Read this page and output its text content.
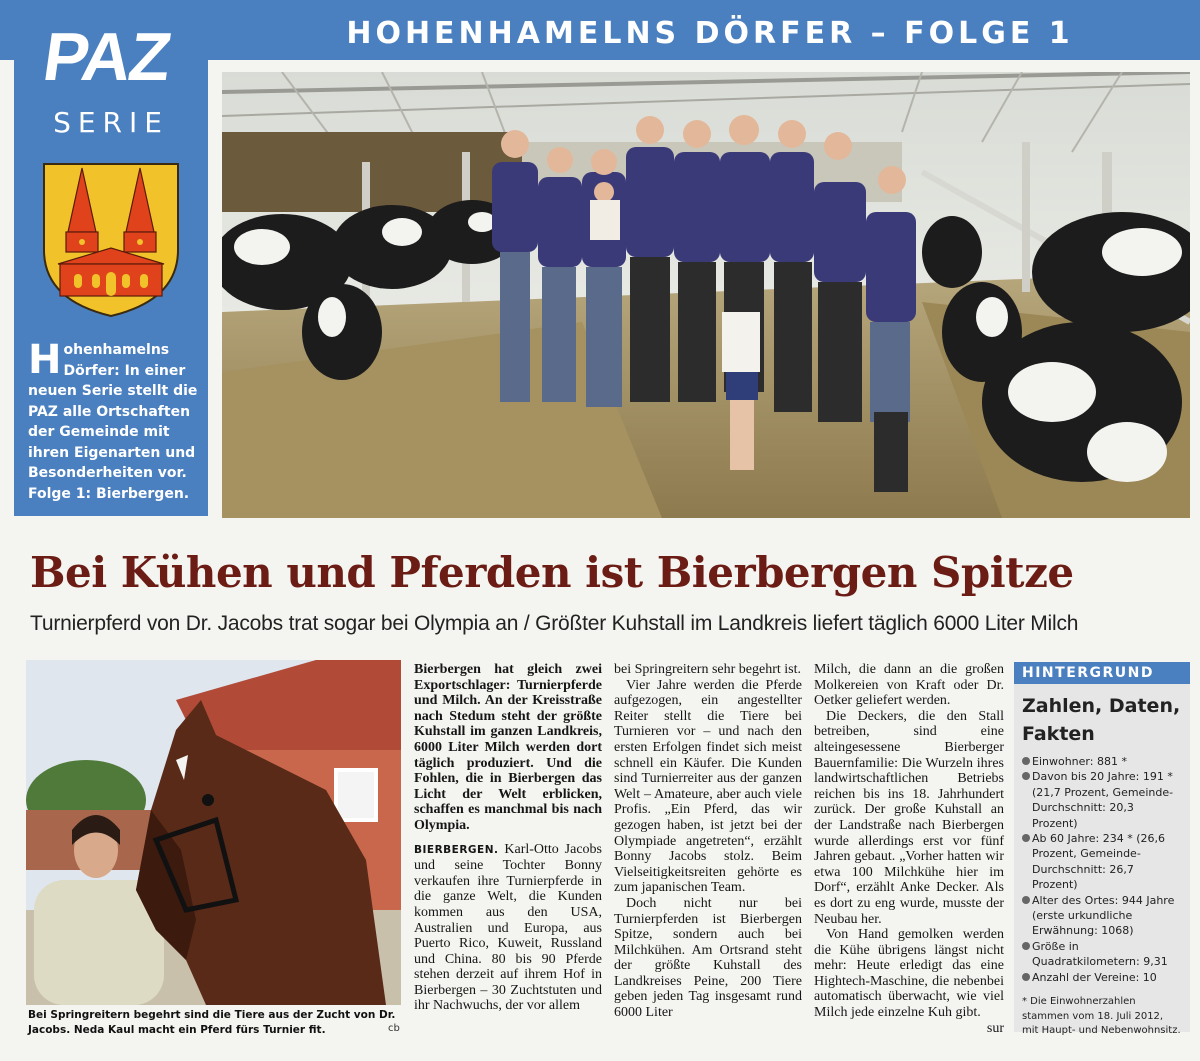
HOHENHAMELNS DÖRFER – FOLGE 1
PAZ
SERIE
Hohenhamelns Dörfer: In einer neuen Serie stellt die PAZ alle Ortschaften der Gemeinde mit ihren Eigenarten und Besonderheiten vor. Folge 1: Bierbergen.
Bei Kühen und Pferden ist Bierbergen Spitze
Turnierpferd von Dr. Jacobs trat sogar bei Olympia an / Größter Kuhstall im Landkreis liefert täglich 6000 Liter Milch
Bei Springreitern begehrt sind die Tiere aus der Zucht von Dr. Jacobs. Neda Kaul macht ein Pferd fürs Turnier fit.	cb

Bierbergen hat gleich zwei Exportschlager: Turnierpferde und Milch. An der Kreisstraße nach Stedum steht der größte Kuhstall im ganzen Landkreis, 6000 Liter Milch werden dort täglich produziert. Und die Fohlen, die in Bierbergen das Licht der Welt erblicken, schaffen es manchmal bis nach Olympia.

BIERBERGEN. Karl-Otto Jacobs und seine Tochter Bonny verkaufen ihre Turnierpferde in die ganze Welt, die Kunden kommen aus den USA, Australien und Europa, aus Puerto Rico, Kuweit, Russland und China. 80 bis 90 Pferde stehen derzeit auf ihrem Hof in Bierbergen – 30 Zuchtstuten und ihr Nachwuchs, der vor allem

bei Springreitern sehr begehrt ist.

Vier Jahre werden die Pferde aufgezogen, ein angestellter Reiter stellt die Tiere bei Turnieren vor – und nach den ersten Erfolgen findet sich meist schnell ein Käufer. Die Kunden sind Turnierreiter aus der ganzen Welt – Amateure, aber auch viele Profis. „Ein Pferd, das wir gezogen haben, ist jetzt bei der Olympiade angetreten“, erzählt Bonny Jacobs stolz. Beim Vielseitigkeitsreiten gehörte es zum japanischen Team.

Doch nicht nur bei Turnierpferden ist Bierbergen Spitze, sondern auch bei Milchkühen. Am Ortsrand steht der größte Kuhstall des Landkreises Peine, 200 Tiere geben jeden Tag insgesamt rund 6000 Liter

Milch, die dann an die großen Molkereien von Kraft oder Dr. Oetker geliefert werden.

Die Deckers, die den Stall betreiben, sind eine alteingesessene Bierberger Bauernfamilie: Die Wurzeln ihres landwirtschaftlichen Betriebs reichen bis ins 18. Jahrhundert zurück. Der große Kuhstall an der Landstraße nach Bierbergen wurde allerdings erst vor fünf Jahren gebaut. „Vorher hatten wir etwa 100 Milchkühe hier im Dorf“, erzählt Anke Decker. Als es dort zu eng wurde, musste der Neubau her.

Von Hand gemolken werden die Kühe übrigens längst nicht mehr: Heute erledigt das eine Hightech-Maschine, die nebenbei automatisch überwacht, wie viel Milch jede einzelne Kuh gibt.

sur

HINTERGRUND
Zahlen, Daten, Fakten
Einwohner: 881 *
Davon bis 20 Jahre: 191 * (21,7 Prozent, Gemeinde-Durchschnitt: 20,3 Prozent)
Ab 60 Jahre: 234 * (26,6 Prozent, Gemeinde-Durchschnitt: 26,7 Prozent)
Alter des Ortes: 944 Jahre (erste urkundliche Erwähnung: 1068)
Größe in Quadratkilometern: 9,31
Anzahl der Vereine: 10
* Die Einwohnerzahlen stammen vom 18. Juli 2012, mit Haupt- und Nebenwohnsitz.
